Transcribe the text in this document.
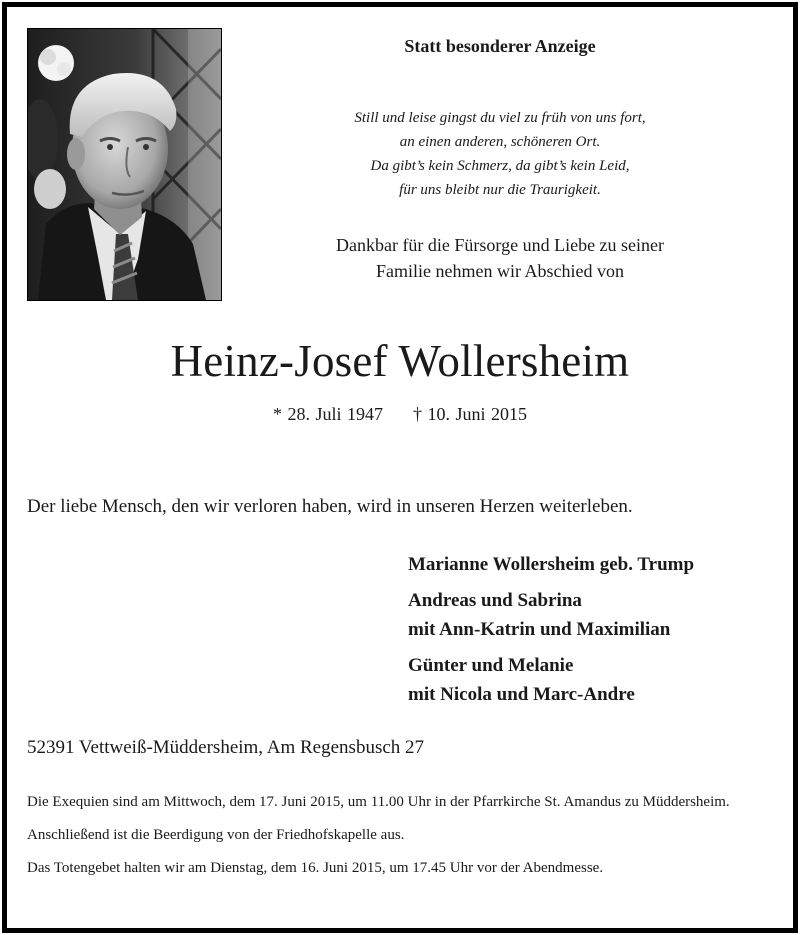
Statt besonderer Anzeige
Still und leise gingst du viel zu früh von uns fort,
an einen anderen, schöneren Ort.
Da gibt’s kein Schmerz, da gibt’s kein Leid,
für uns bleibt nur die Traurigkeit.
Dankbar für die Fürsorge und Liebe zu seiner
Familie nehmen wir Abschied von
Heinz-Josef Wollersheim
* 28. Juli 1947 † 10. Juni 2015
Der liebe Mensch, den wir verloren haben, wird in unseren Herzen weiterleben.
Marianne Wollersheim geb. Trump
Andreas und Sabrina
mit Ann-Katrin und Maximilian
Günter und Melanie
mit Nicola und Marc-Andre
52391 Vettweiß-Müddersheim, Am Regensbusch 27

Die Exequien sind am Mittwoch, dem 17. Juni 2015, um 11.00 Uhr in der Pfarrkirche St. Amandus zu Müddersheim.

Anschließend ist die Beerdigung von der Friedhofskapelle aus.

Das Totengebet halten wir am Dienstag, dem 16. Juni 2015, um 17.45 Uhr vor der Abendmesse.
